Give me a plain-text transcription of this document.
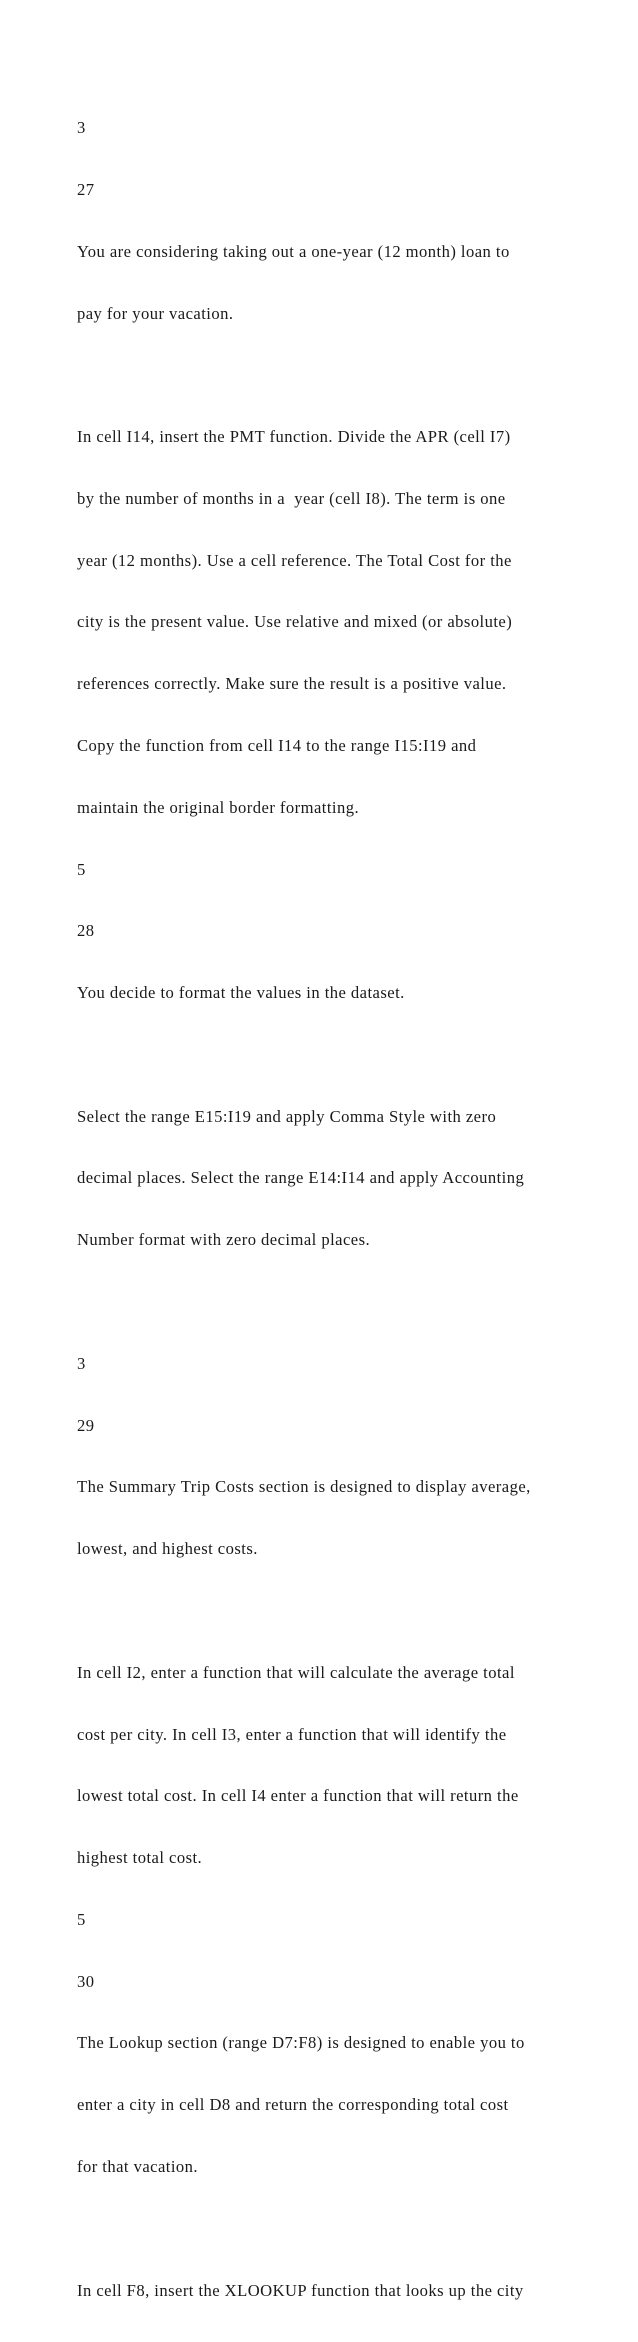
3

27

You are considering taking out a one-year (12 month) loan to

pay for your vacation.

In cell I14, insert the PMT function. Divide the APR (cell I7)

by the number of months in a  year (cell I8). The term is one

year (12 months). Use a cell reference. The Total Cost for the

city is the present value. Use relative and mixed (or absolute)

references correctly. Make sure the result is a positive value.

Copy the function from cell I14 to the range I15:I19 and

maintain the original border formatting.

5

28

You decide to format the values in the dataset.

Select the range E15:I19 and apply Comma Style with zero

decimal places. Select the range E14:I14 and apply Accounting

Number format with zero decimal places.

3

29

The Summary Trip Costs section is designed to display average,

lowest, and highest costs.

In cell I2, enter a function that will calculate the average total

cost per city. In cell I3, enter a function that will identify the

lowest total cost. In cell I4 enter a function that will return the

highest total cost.

5

30

The Lookup section (range D7:F8) is designed to enable you to

enter a city in cell D8 and return the corresponding total cost

for that vacation.

In cell F8, insert the XLOOKUP function that looks up the city
